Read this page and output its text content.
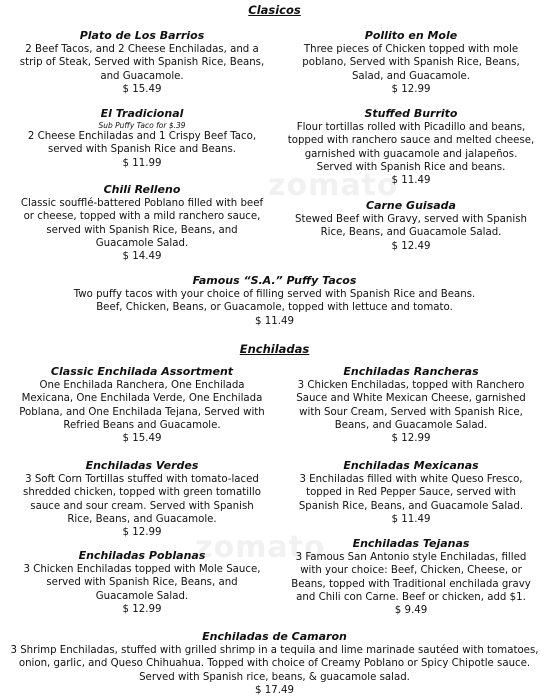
zomato
zomato
Clasicos
Plato de Los Barrios
2 Beef Tacos, and 2 Cheese Enchiladas, and a
strip of Steak, Served with Spanish Rice, Beans,
and Guacamole.
$ 15.49
Pollito en Mole
Three pieces of Chicken topped with mole
poblano, Served with Spanish Rice, Beans,
Salad, and Guacamole.
$ 12.99
El Tradicional
Sub Puffy Taco for $.39
2 Cheese Enchiladas and 1 Crispy Beef Taco,
served with Spanish Rice and Beans.
$ 11.99
Stuffed Burrito
Flour tortillas rolled with Picadillo and beans,
topped with ranchero sauce and melted cheese,
garnished with guacamole and jalapeños.
Served with Spanish Rice and beans.
$ 11.49
Chili Relleno
Classic soufflé-battered Poblano filled with beef
or cheese, topped with a mild ranchero sauce,
served with Spanish Rice, Beans, and
Guacamole Salad.
$ 14.49
Carne Guisada
Stewed Beef with Gravy, served with Spanish
Rice, Beans, and Guacamole Salad.
$ 12.49
Famous “S.A.” Puffy Tacos
Two puffy tacos with your choice of filling served with Spanish Rice and Beans.
Beef, Chicken, Beans, or Guacamole, topped with lettuce and tomato.
$ 11.49
Enchiladas
Classic Enchilada Assortment
One Enchilada Ranchera, One Enchilada
Mexicana, One Enchilada Verde, One Enchilada
Poblana, and One Enchilada Tejana, Served with
Refried Beans and Guacamole.
$ 15.49
Enchiladas Rancheras
3 Chicken Enchiladas, topped with Ranchero
Sauce and White Mexican Cheese, garnished
with Sour Cream, Served with Spanish Rice,
Beans, and Guacamole Salad.
$ 12.99
Enchiladas Verdes
3 Soft Corn Tortillas stuffed with tomato-laced
shredded chicken, topped with green tomatillo
sauce and sour cream. Served with Spanish
Rice, Beans, and Guacamole.
$ 12.99
Enchiladas Mexicanas
3 Enchiladas filled with white Queso Fresco,
topped in Red Pepper Sauce, served with
Spanish Rice, Beans, and Guacamole Salad.
$ 11.49
Enchiladas Poblanas
3 Chicken Enchiladas topped with Mole Sauce,
served with Spanish Rice, Beans, and
Guacamole Salad.
$ 12.99
Enchiladas Tejanas
3 Famous San Antonio style Enchiladas, filled
with your choice: Beef, Chicken, Cheese, or
Beans, topped with Traditional enchilada gravy
and Chili con Carne. Beef or chicken, add $1.
$ 9.49
Enchiladas de Camaron
3 Shrimp Enchiladas, stuffed with grilled shrimp in a tequila and lime marinade sautéed with tomatoes,
onion, garlic, and Queso Chihuahua. Topped with choice of Creamy Poblano or Spicy Chipotle sauce.
Served with Spanish rice, beans, & guacamole salad.
$ 17.49
